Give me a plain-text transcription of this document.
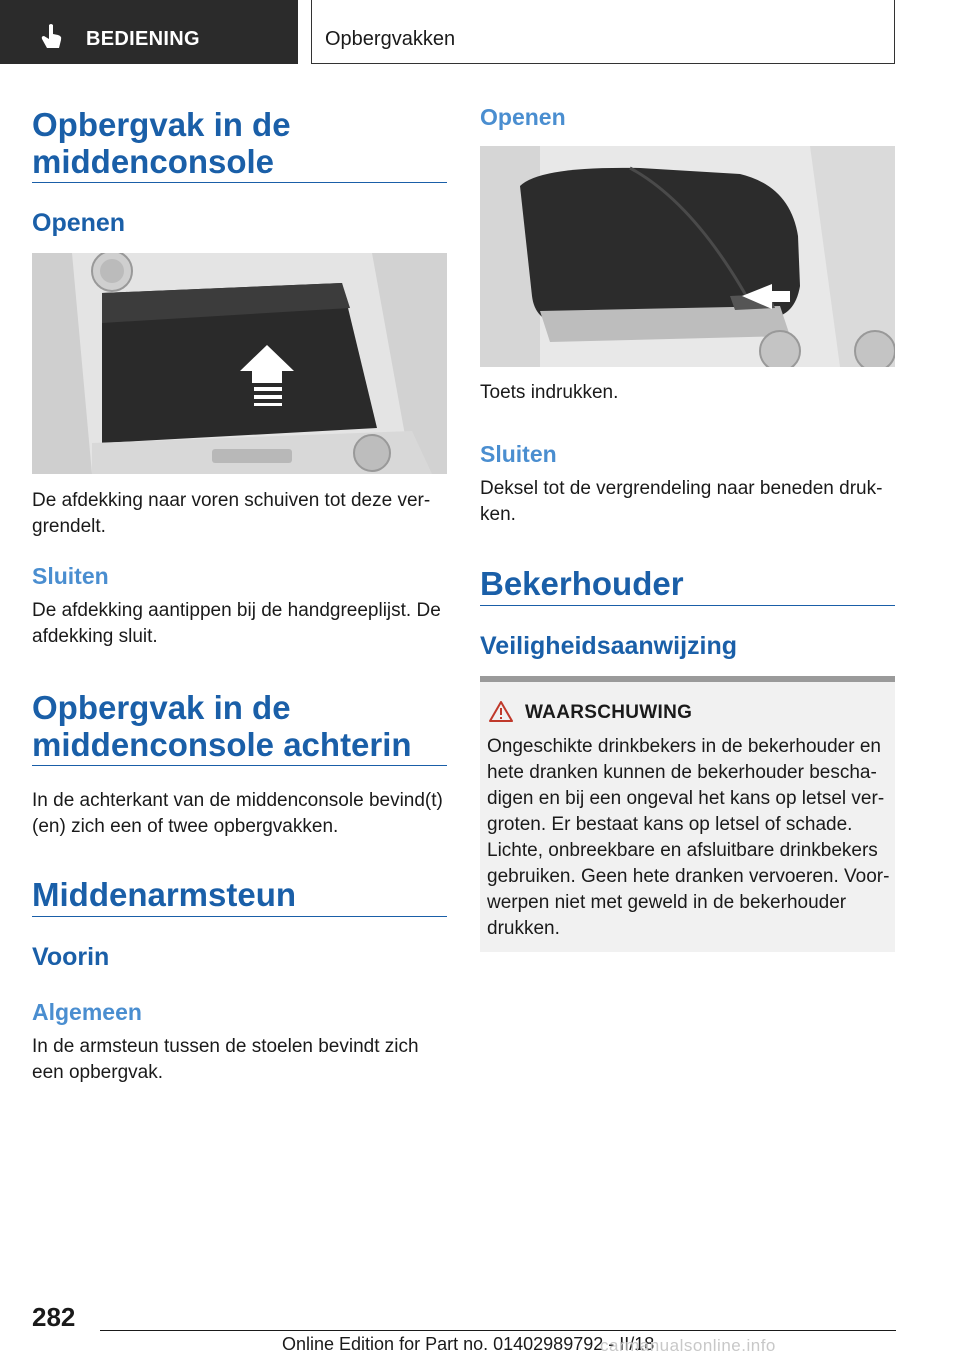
BEDIENING	Opbergvakken
Opbergvak in de
middenconsole
Openen
De afdekking naar voren schuiven tot deze ver‐
grendelt.
Sluiten
De afdekking aantippen bij de handgreeplijst. De
afdekking sluit.
Opbergvak in de
middenconsole achterin
In de achterkant van de middenconsole bevind(t)
(en) zich een of twee opbergvakken.
Middenarmsteun
Voorin
Algemeen
In de armsteun tussen de stoelen bevindt zich
een opbergvak.
Openen
Toets indrukken.
Sluiten
Deksel tot de vergrendeling naar beneden druk‐
ken.
Bekerhouder
Veiligheidsaanwijzing
WAARSCHUWING
Ongeschikte drinkbekers in de bekerhouder en
hete dranken kunnen de bekerhouder bescha‐
digen en bij een ongeval het kans op letsel ver‐
groten. Er bestaat kans op letsel of schade.
Lichte, onbreekbare en afsluitbare drinkbekers
gebruiken. Geen hete dranken vervoeren. Voor‐
werpen niet met geweld in de bekerhouder
drukken.
282
Online Edition for Part no. 01402989792 - II/18
carmanualsonline.info
